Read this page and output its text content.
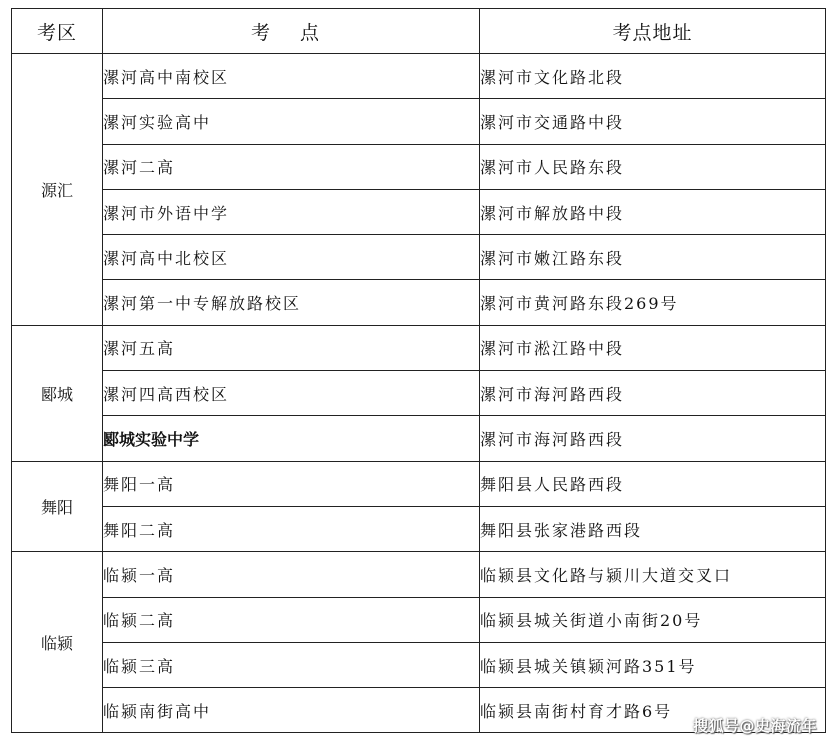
考区	考 点	考点地址
源汇	漯河高中南校区	漯河市文化路北段
	漯河实验高中	漯河市交通路中段
	漯河二高	漯河市人民路东段
	漯河市外语中学	漯河市解放路中段
	漯河高中北校区	漯河市嫩江路东段
	漯河第一中专解放路校区	漯河市黄河路东段269号
郾城	漯河五高	漯河市淞江路中段
	漯河四高西校区	漯河市海河路西段
	郾城实验中学	漯河市海河路西段
舞阳	舞阳一高	舞阳县人民路西段
	舞阳二高	舞阳县张家港路西段
临颍	临颍一高	临颍县文化路与颍川大道交叉口
	临颍二高	临颍县城关街道小南街20号
	临颍三高	临颍县城关镇颍河路351号
	临颍南街高中	临颍县南街村育才路6号
搜狐号@史海流年
